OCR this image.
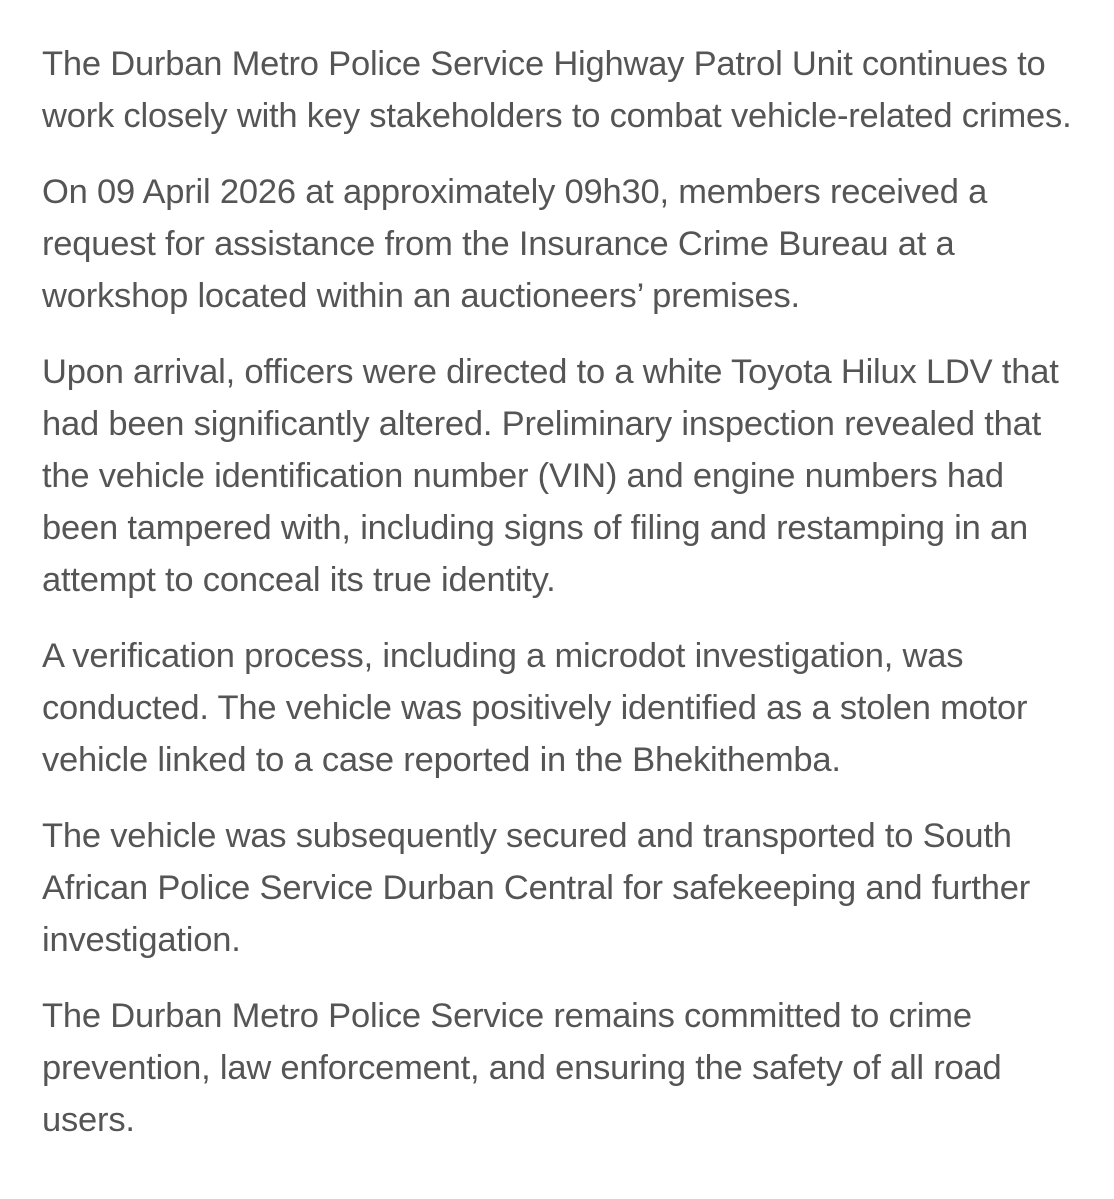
The Durban Metro Police Service Highway Patrol Unit continues to work closely with key stakeholders to combat vehicle-related crimes.

On 09 April 2026 at approximately 09h30, members received a request for assistance from the Insurance Crime Bureau at a workshop located within an auctioneers’ premises.

Upon arrival, officers were directed to a white Toyota Hilux LDV that had been significantly altered. Preliminary inspection revealed that the vehicle identification number (VIN) and engine numbers had been tampered with, including signs of filing and restamping in an attempt to conceal its true identity.

A verification process, including a microdot investigation, was conducted. The vehicle was positively identified as a stolen motor vehicle linked to a case reported in the Bhekithemba.

The vehicle was subsequently secured and transported to South African Police Service Durban Central for safekeeping and further investigation.

The Durban Metro Police Service remains committed to crime prevention, law enforcement, and ensuring the safety of all road users.
